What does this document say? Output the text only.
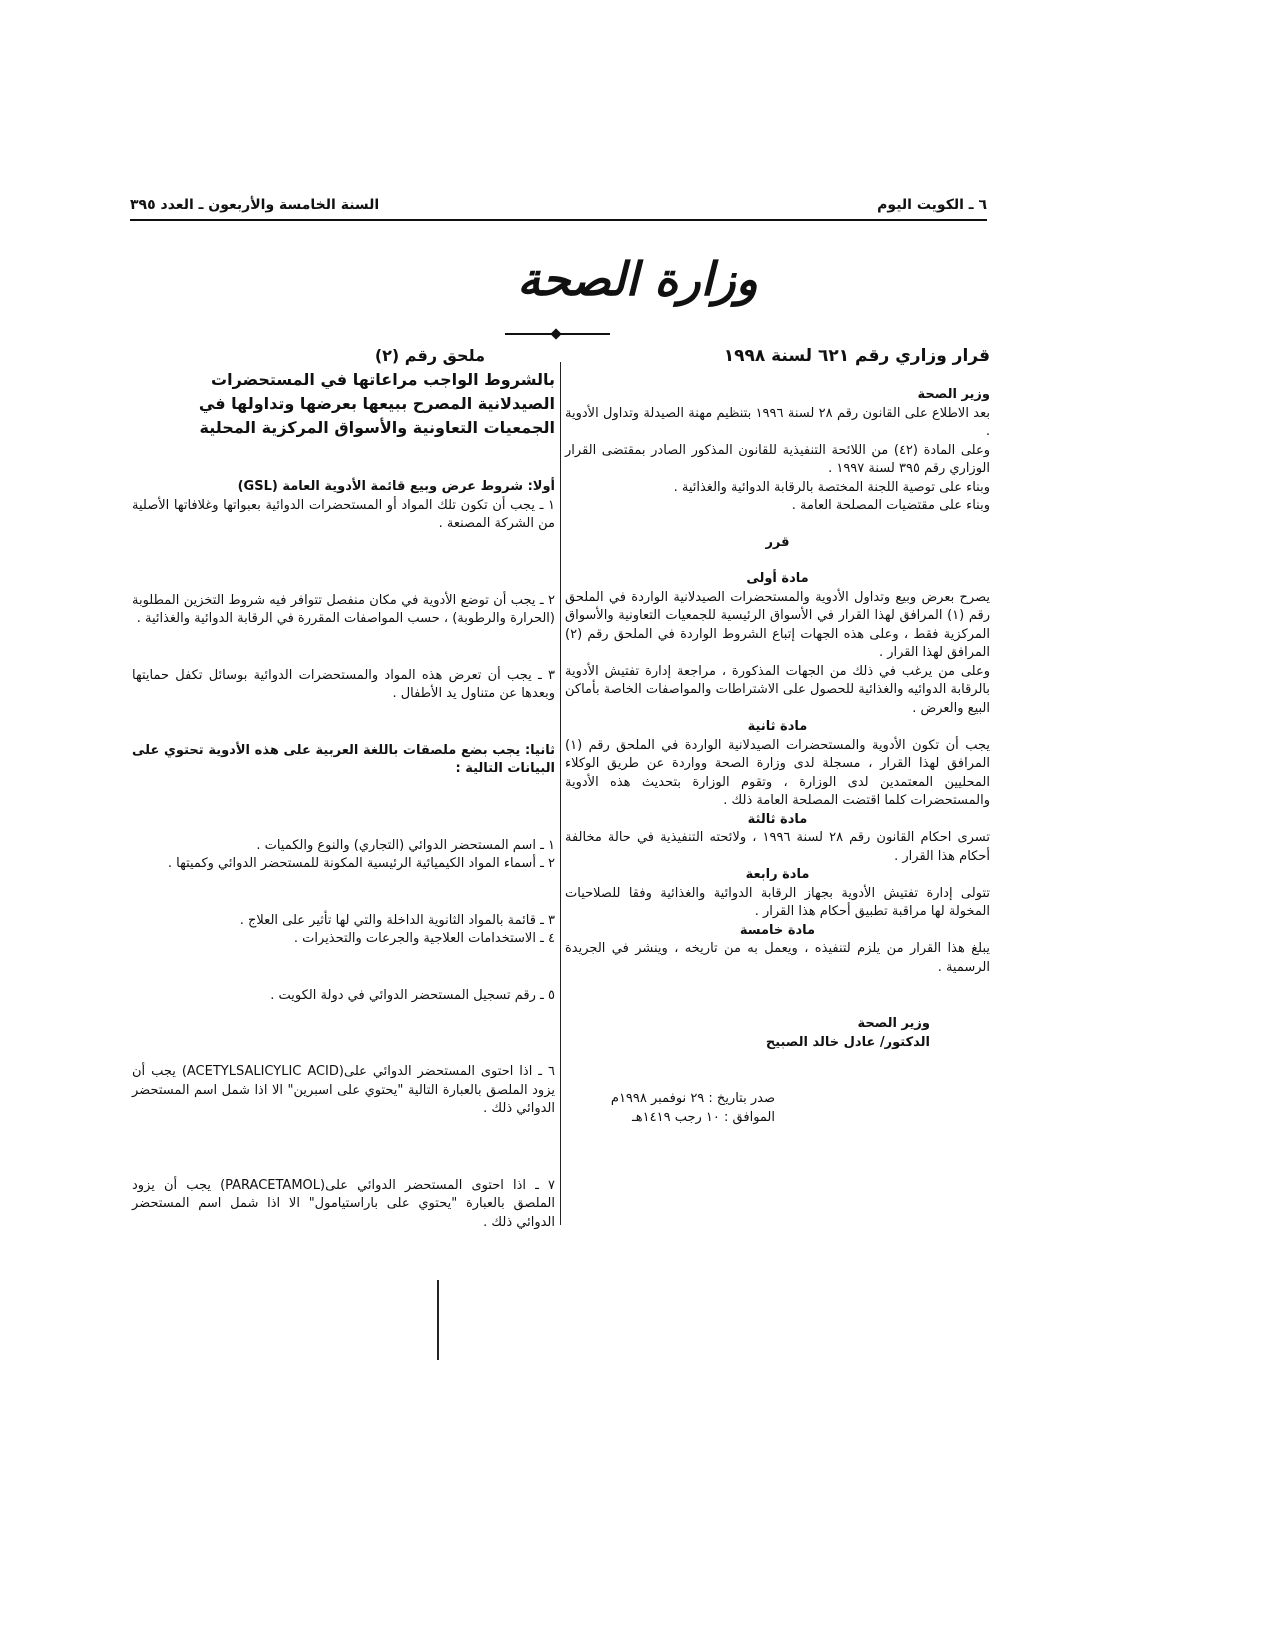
٦ ـ الكويت اليوم
السنة الخامسة والأربعون ـ العدد ٣٩٥
وزارة الصحة
قرار وزاري رقم ٦٢١ لسنة ١٩٩٨
وزير الصحة
بعد الاطلاع على القانون رقم ٢٨ لسنة ١٩٩٦ بتنظيم مهنة الصيدلة وتداول الأدوية .
وعلى المادة (٤٢) من اللائحة التنفيذية للقانون المذكور الصادر بمقتضى القرار الوزاري رقم ٣٩٥ لسنة ١٩٩٧ .
وبناء على توصية اللجنة المختصة بالرقابة الدوائية والغذائية .
وبناء على مقتضيات المصلحة العامة .
قرر
مادة أولى
يصرح بعرض وبيع وتداول الأدوية والمستحضرات الصيدلانية الواردة في الملحق رقم (١) المرافق لهذا القرار في الأسواق الرئيسية للجمعيات التعاونية والأسواق المركزية فقط ، وعلى هذه الجهات إتباع الشروط الواردة في الملحق رقم (٢) المرافق لهذا القرار .
وعلى من يرغب في ذلك من الجهات المذكورة ، مراجعة إدارة تفتيش الأدوية بالرقابة الدوائيه والغذائية للحصول على الاشتراطات والمواصفات الخاصة بأماكن البيع والعرض .
مادة ثانية
يجب أن تكون الأدوية والمستحضرات الصيدلانية الواردة في الملحق رقم (١) المرافق لهذا القرار ، مسجلة لدى وزارة الصحة وواردة عن طريق الوكلاء المحليين المعتمدين لدى الوزارة ، وتقوم الوزارة بتحديث هذه الأدوية والمستحضرات كلما اقتضت المصلحة العامة ذلك .
مادة ثالثة
تسرى احكام القانون رقم ٢٨ لسنة ١٩٩٦ ، ولائحته التنفيذية في حالة مخالفة أحكام هذا القرار .
مادة رابعة
تتولى إدارة تفتيش الأدوية بجهاز الرقابة الدوائية والغذائية وفقا للصلاحيات المخولة لها مراقبة تطبيق أحكام هذا القرار .
مادة خامسة
يبلغ هذا القرار من يلزم لتنفيذه ، ويعمل به من تاريخه ، وينشر في الجريدة الرسمية .
وزير الصحة
الدكتور/ عادل خالد الصبيح
صدر بتاريخ : ٢٩ نوفمبر ١٩٩٨م
الموافق : ١٠ رجب ١٤١٩هـ
ملحق رقم (٢)
بالشروط الواجب مراعاتها في المستحضرات الصيدلانية المصرح ببيعها بعرضها وتداولها في الجمعيات التعاونية والأسواق المركزية المحلية
أولا: شروط عرض وبيع قائمة الأدوية العامة (GSL)
١ ـ يجب أن تكون تلك المواد أو المستحضرات الدوائية بعبواتها وغلافاتها الأصلية من الشركة المصنعة .
٢ ـ يجب أن توضع الأدوية في مكان منفصل تتوافر فيه شروط التخزين المطلوبة (الحرارة والرطوبة) ، حسب المواصفات المقررة في الرقابة الدوائية والغذائية .
٣ ـ يجب أن تعرض هذه المواد والمستحضرات الدوائية بوسائل تكفل حمايتها وبعدها عن متناول يد الأطفال .
ثانيا: يجب بضع ملصقات باللغة العربية على هذه الأدوية تحتوي على البيانات التالية :
١ ـ اسم المستحضر الدوائي (التجاري) والنوع والكميات .
٢ ـ أسماء المواد الكيميائية الرئيسية المكونة للمستحضر الدوائي وكميتها .
٣ ـ قائمة بالمواد الثانوية الداخلة والتي لها تأثير على العلاج .
٤ ـ الاستخدامات العلاجية والجرعات والتحذيرات .
٥ ـ رقم تسجيل المستحضر الدوائي في دولة الكويت .
٦ ـ اذا احتوى المستحضر الدوائي على(ACETYLSALICYLIC ACID) يجب أن يزود الملصق بالعبارة التالية "يحتوي على اسبرين" الا اذا شمل اسم المستحضر الدوائي ذلك .
٧ ـ اذا احتوى المستحضر الدوائي على(PARACETAMOL) يجب أن يزود الملصق بالعبارة "يحتوي على باراستيامول" الا اذا شمل اسم المستحضر الدوائي ذلك .
